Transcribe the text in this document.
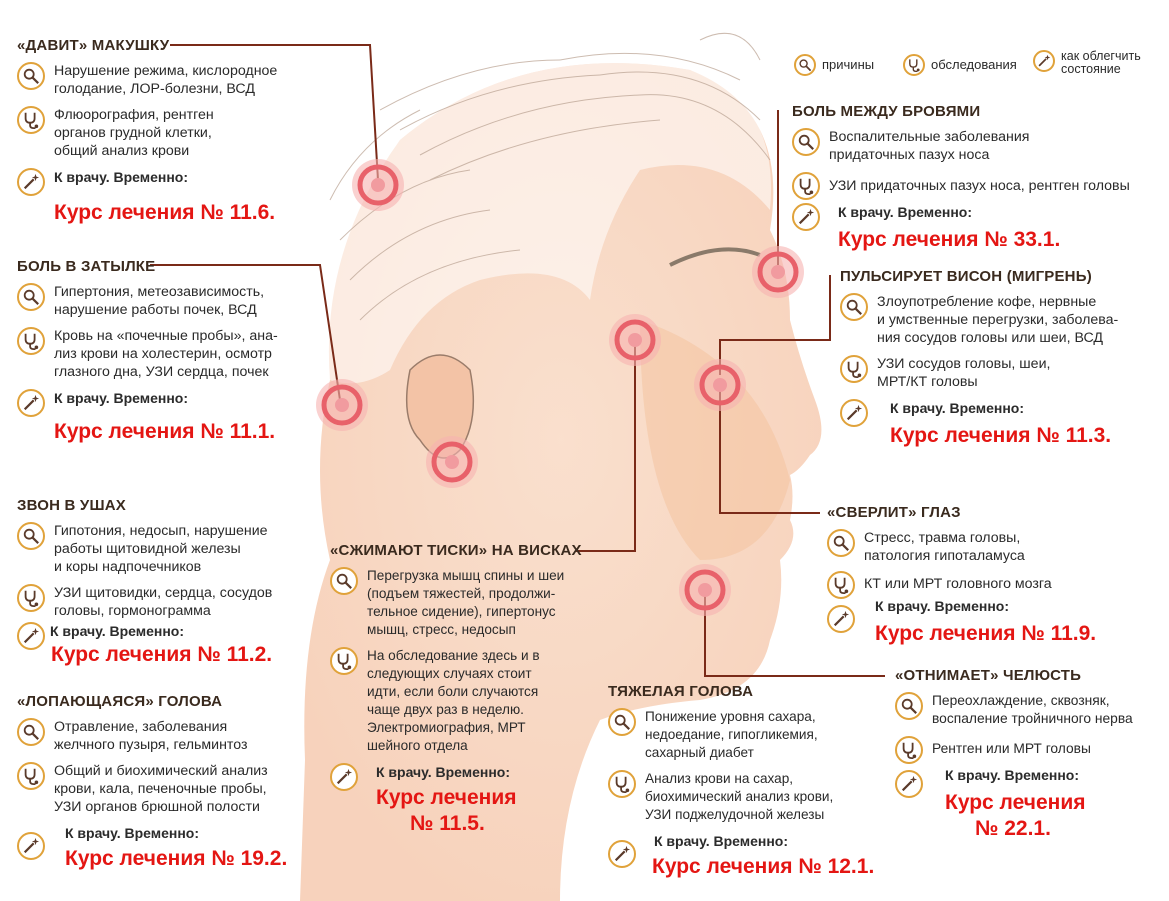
причины	обследования
как облегчить
состояние
«ДАВИТ» МАКУШКУ
Нарушение режима, кислородное
голодание, ЛОР-болезни, ВСД
Флюорография, рентген
органов грудной клетки,
общий анализ крови
К врачу. Временно:
Курс лечения № 11.6.
БОЛЬ В ЗАТЫЛКЕ
Гипертония, метеозависимость,
нарушение работы почек, ВСД
Кровь на «почечные пробы», ана-
лиз крови на холестерин, осмотр
глазного дна, УЗИ сердца, почек
К врачу. Временно:
Курс лечения № 11.1.
ЗВОН В УШАХ
Гипотония, недосып, нарушение
работы щитовидной железы
и коры надпочечников
УЗИ щитовидки, сердца, сосудов
головы, гормонограмма
К врачу. Временно:
Курс лечения № 11.2.
«ЛОПАЮЩАЯСЯ» ГОЛОВА
Отравление, заболевания
желчного пузыря, гельминтоз
Общий и биохимический анализ
крови, кала, печеночные пробы,
УЗИ органов брюшной полости
К врачу. Временно:
Курс лечения № 19.2.
«СЖИМАЮТ ТИСКИ» НА ВИСКАХ
Перегрузка мышц спины и шеи
(подъем тяжестей, продолжи-
тельное сидение), гипертонус
мышц, стресс, недосып
На обследование здесь и в
следующих случаях стоит
идти, если боли случаются
чаще двух раз в неделю.
Электромиография, МРТ
шейного отдела
К врачу. Временно:
Курс лечения
№ 11.5.
ТЯЖЕЛАЯ ГОЛОВА
Понижение уровня сахара,
недоедание, гипогликемия,
сахарный диабет
Анализ крови на сахар,
биохимический анализ крови,
УЗИ поджелудочной железы
К врачу. Временно:
Курс лечения № 12.1.
БОЛЬ МЕЖДУ БРОВЯМИ
Воспалительные заболевания
придаточных пазух носа
УЗИ придаточных пазух носа, рентген головы
К врачу. Временно:
Курс лечения № 33.1.
ПУЛЬСИРУЕТ ВИСОН (МИГРЕНЬ)
Злоупотребление кофе, нервные
и умственные перегрузки, заболева-
ния сосудов головы или шеи, ВСД
УЗИ сосудов головы, шеи,
МРТ/КТ головы
К врачу. Временно:
Курс лечения № 11.3.
«СВЕРЛИТ» ГЛАЗ
Стресс, травма головы,
патология гипоталамуса
КТ или МРТ головного мозга
К врачу. Временно:
Курс лечения № 11.9.
«ОТНИМАЕТ» ЧЕЛЮСТЬ
Переохлаждение, сквозняк,
воспаление тройничного нерва
Рентген или МРТ головы
К врачу. Временно:
Курс лечения
№ 22.1.
